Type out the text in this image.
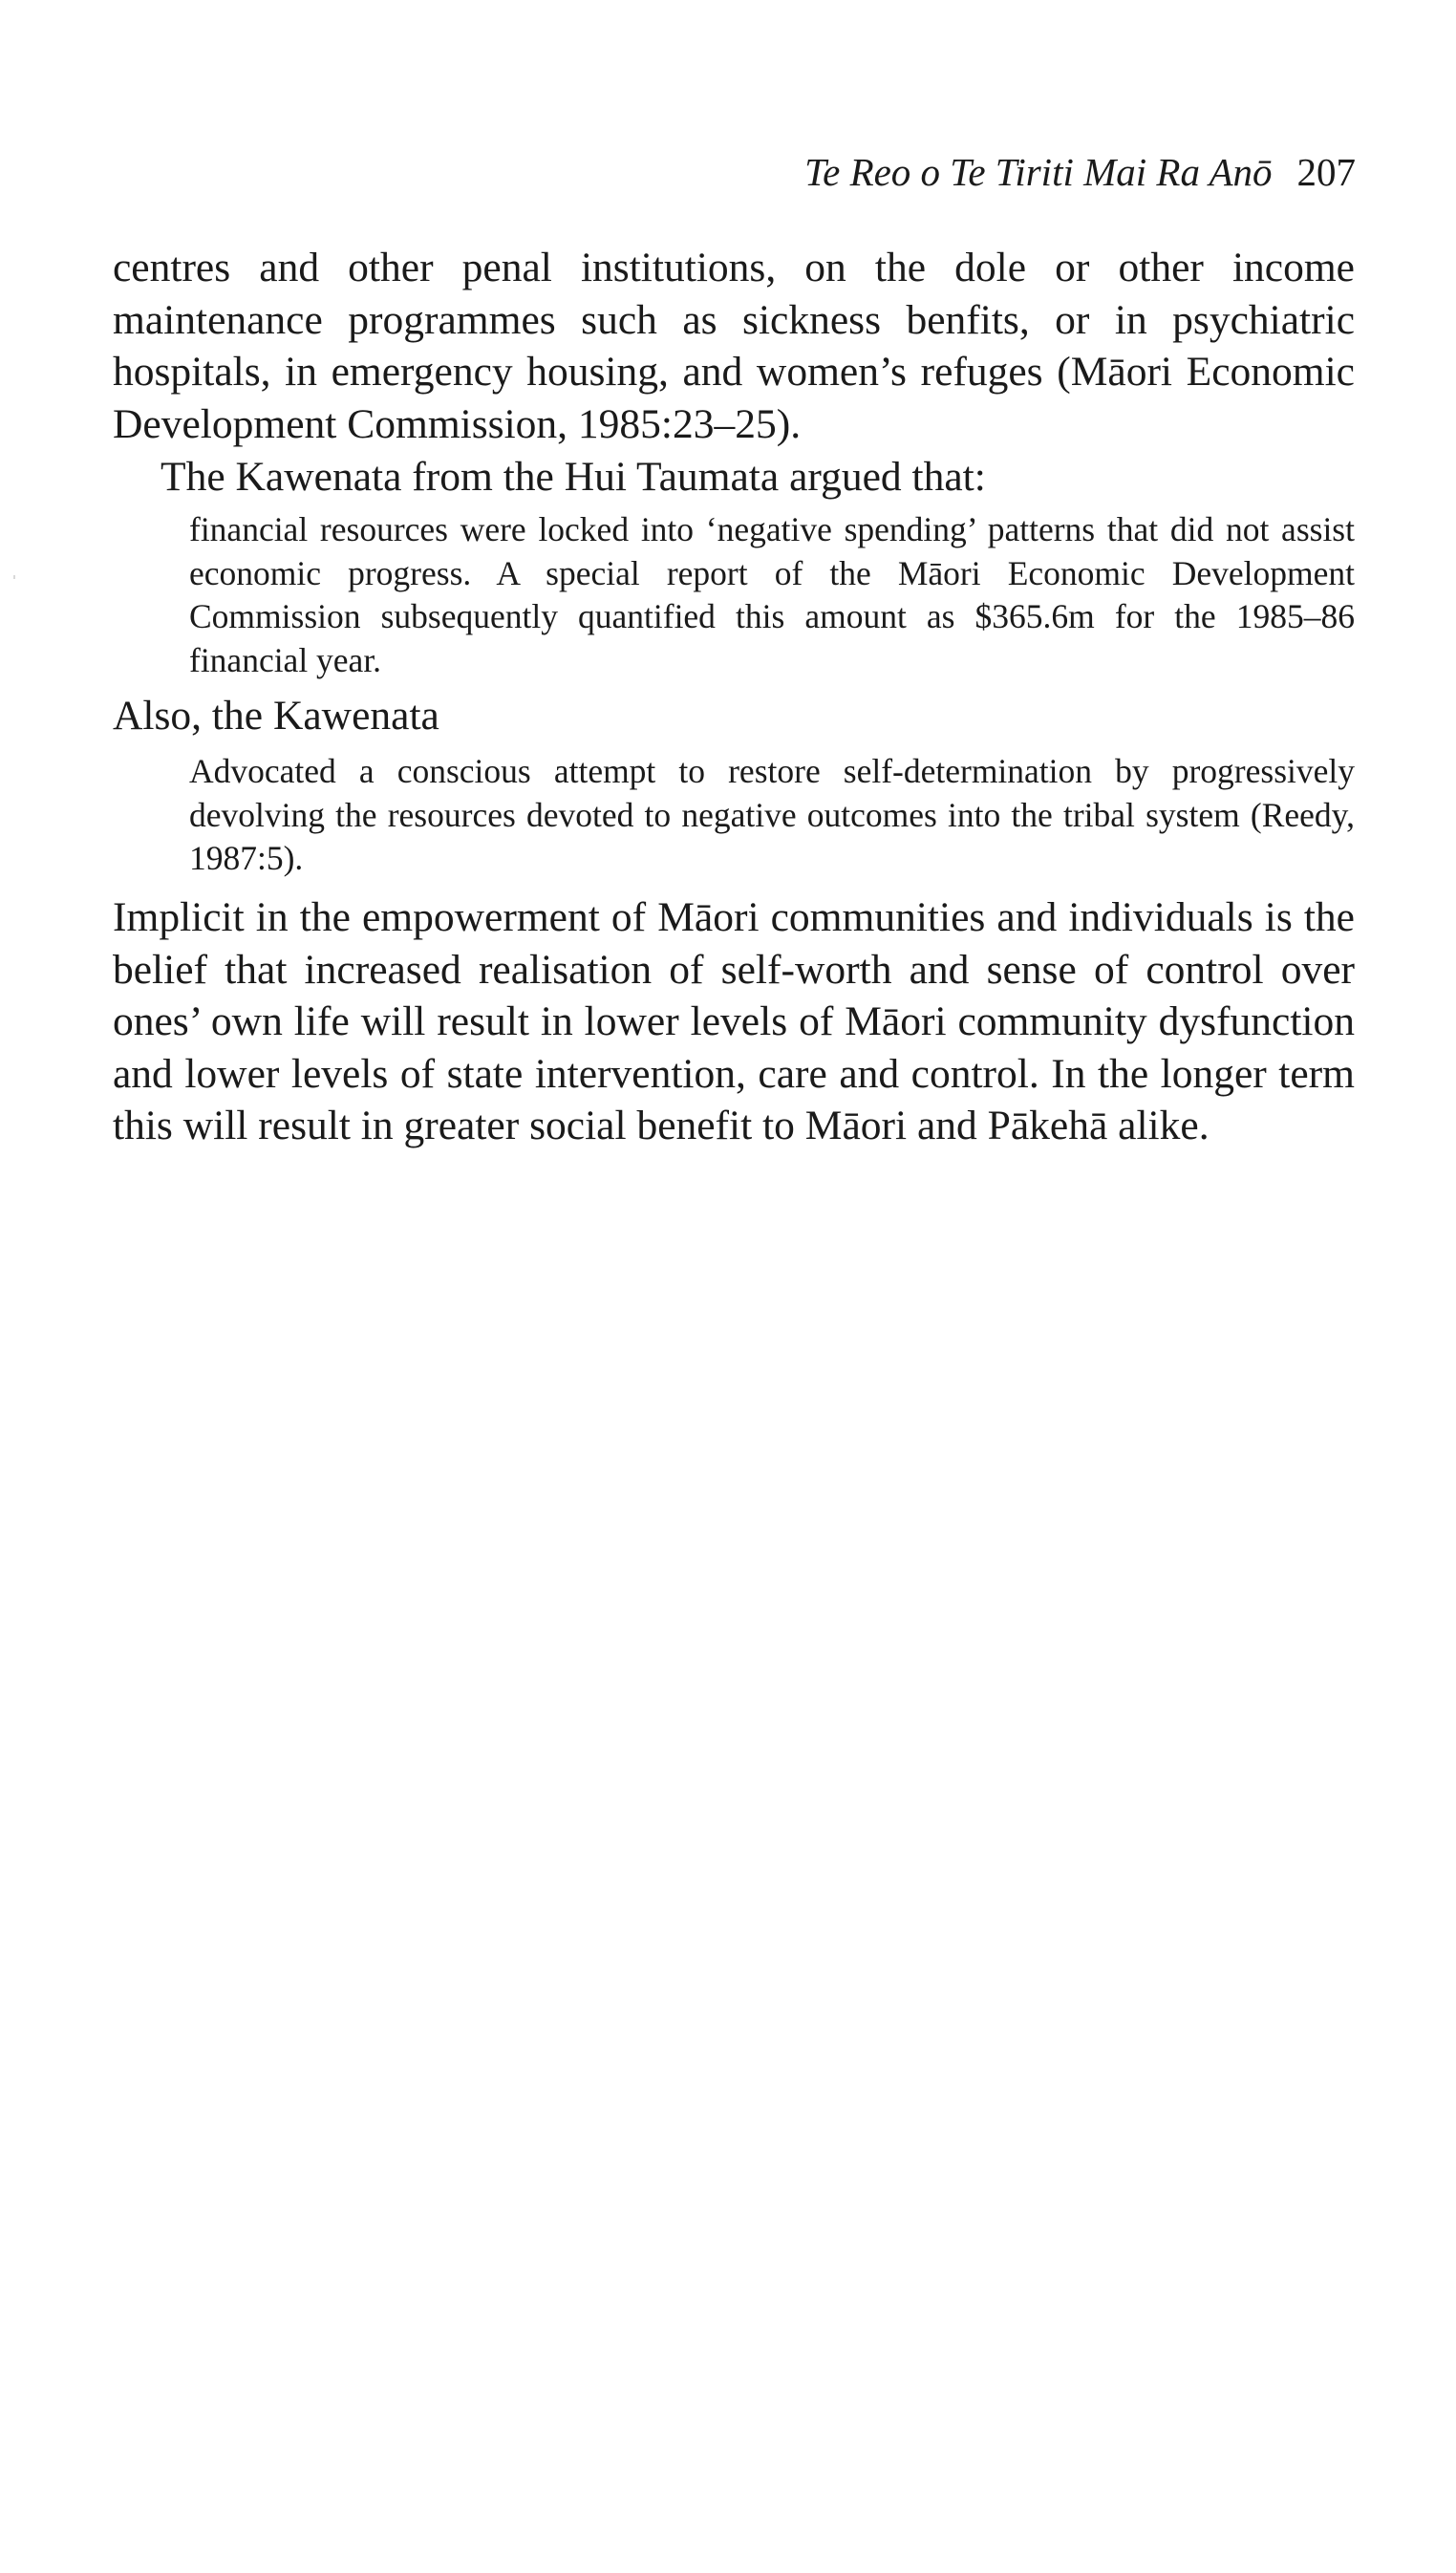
Te Reo o Te Tiriti Mai Ra Anō 207

centres and other penal institutions, on the dole or other income maintenance programmes such as sickness benfits, or in psychiatric hospitals, in emergency housing, and women’s refuges (Māori Economic Development Commission, 1985:23–25).

The Kawenata from the Hui Taumata argued that:

financial resources were locked into ‘negative spending’ patterns that did not assist economic progress. A special report of the Māori Economic Development Commission subsequently quantified this amount as $365.6m for the 1985–86 financial year.

Also, the Kawenata

Advocated a conscious attempt to restore self-determination by progressively devolving the resources devoted to negative outcomes into the tribal system (Reedy, 1987:5).

Implicit in the empowerment of Māori communities and individuals is the belief that increased realisation of self-worth and sense of control over ones’ own life will result in lower levels of Māori community dysfunction and lower levels of state intervention, care and control. In the longer term this will result in greater social benefit to Māori and Pākehā alike.
